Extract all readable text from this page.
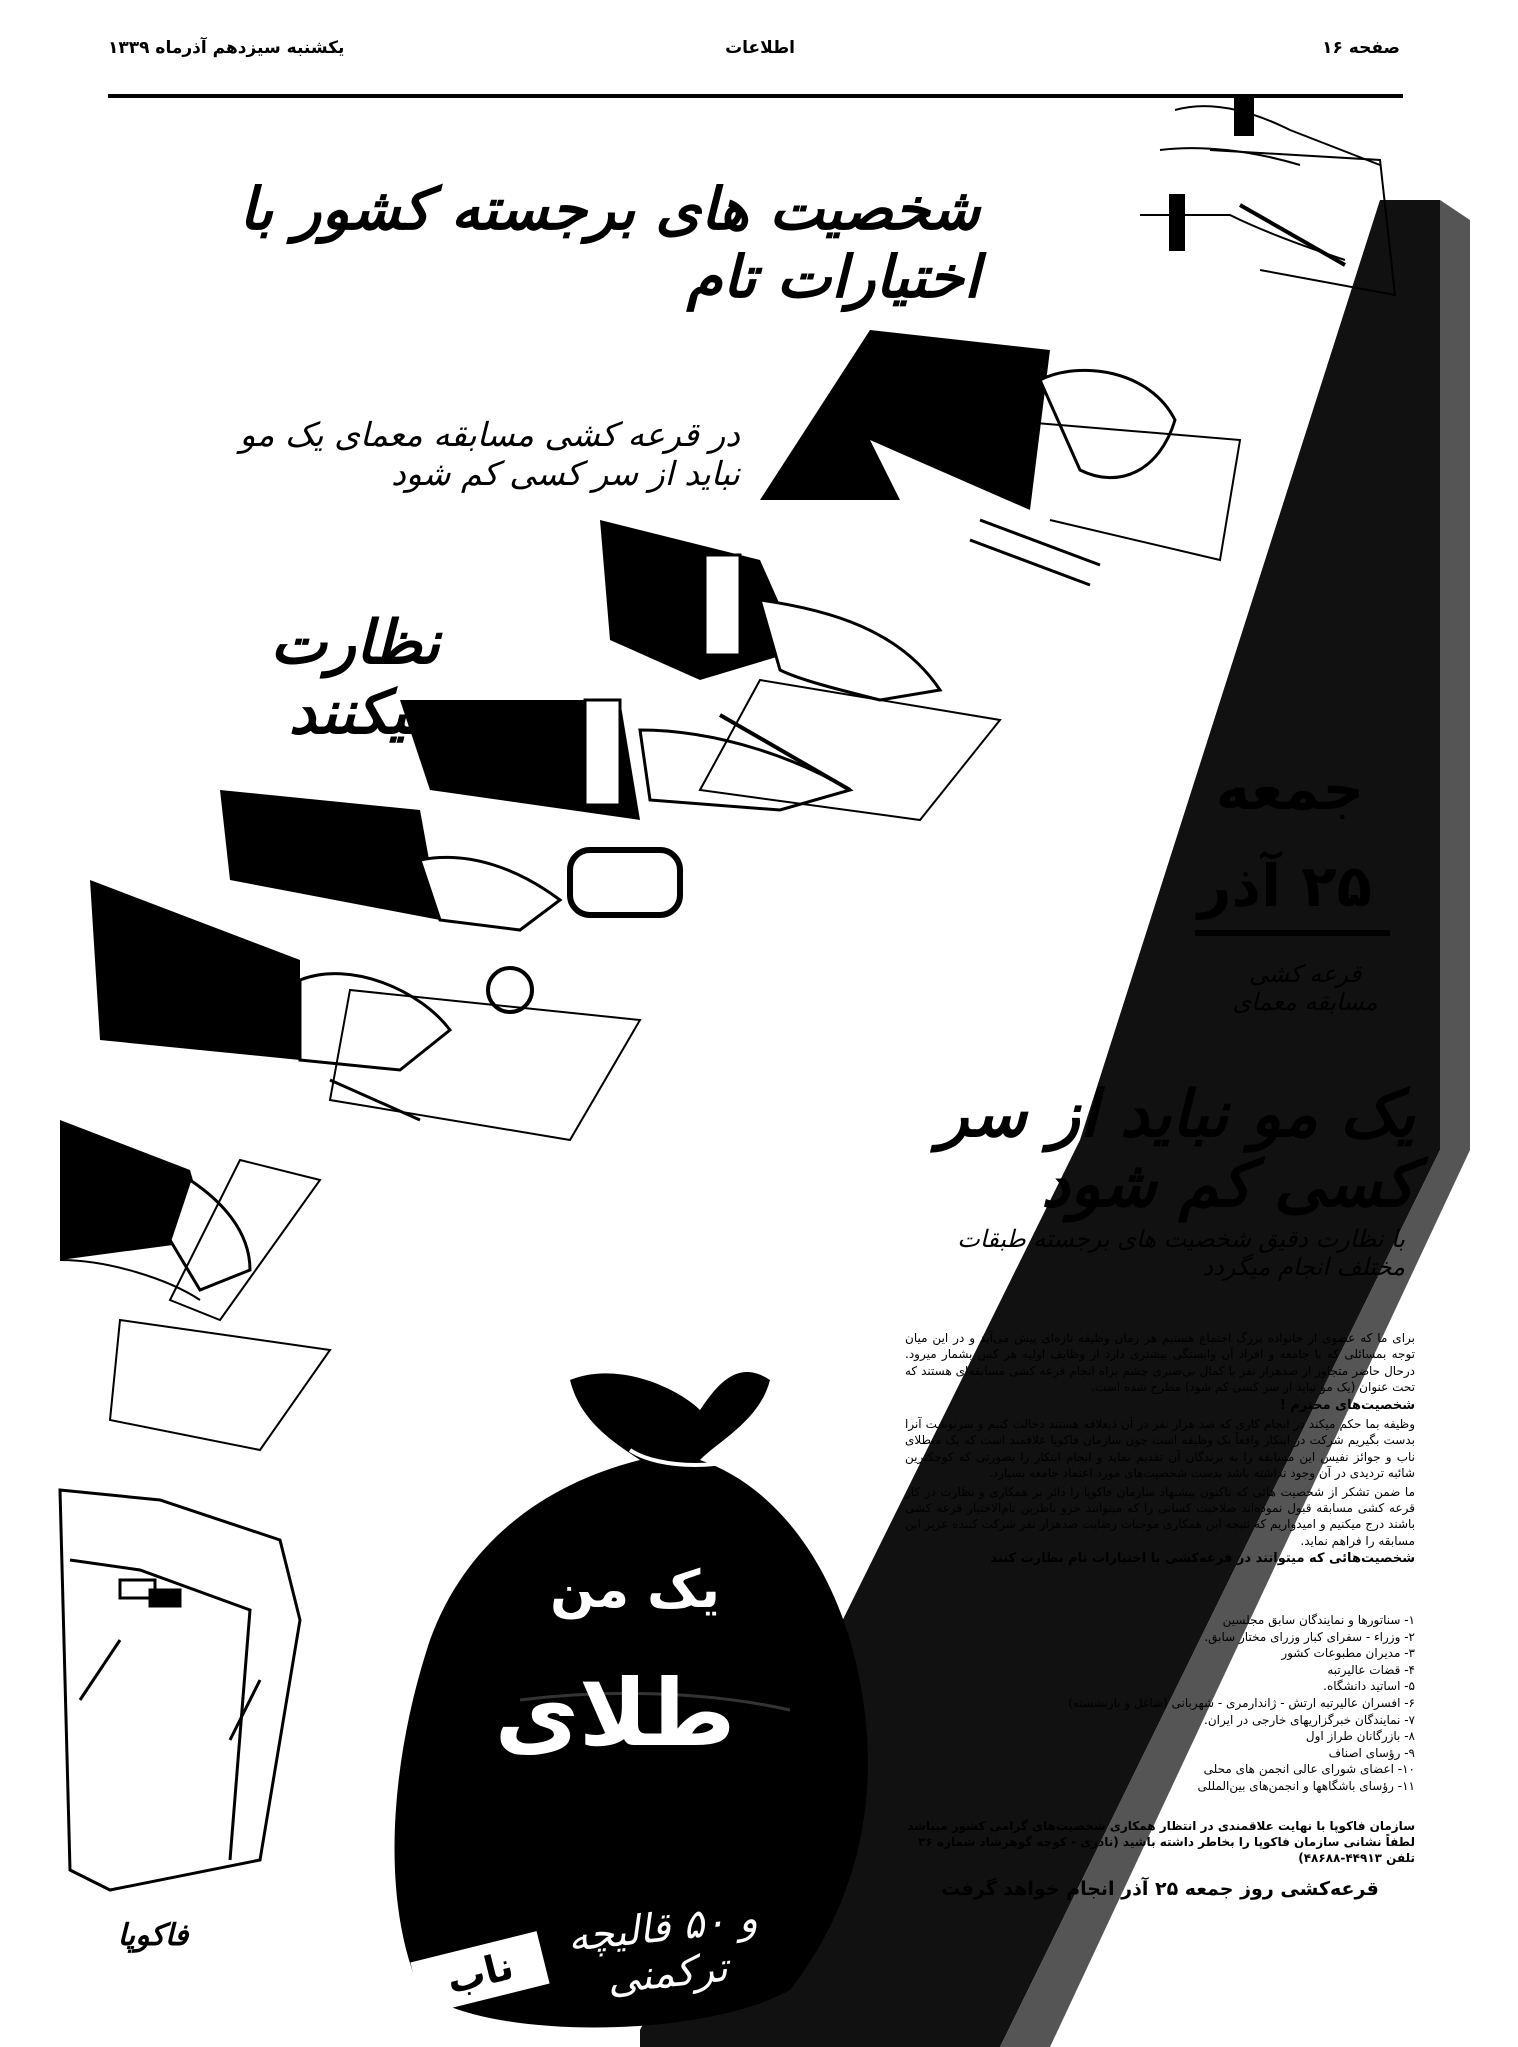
صفحه ۱۶
اطلاعات
یکشنبه سیزدهم آذرماه ۱۳۳۹
شخصیت های برجسته کشور با اختیارات تام
در قرعه کشی مسابقه معمای یک مو نباید از سر کسی کم شود
نظارت میکنند
جمعه
۲۵ آذر
قرعه کشی مسابقه معمای
یک مو نباید از سر کسی کم شود
با نظارت دقیق شخصیت های برجسته طبقات مختلف انجام میگردد

برای ما که عضوی از خانواده بزرگ اجتماع هستیم هر زمان وظیفه تازه‌ای پیش می‌آید و در این میان توجه بمسائلی که با جامعه و افراد آن وابستگی بیشتری دارد از وظایف اولیه هر کس بشمار میرود. درحال حاضر متجاوز از صدهزار نفر با کمال بی‌صبری چشم براه انجام قرعه کشی مسابقه‌ای هستند که تحت عنوان (یک مو نباید از سر کسی کم شود) مطرح شده است.

شخصیت‌های محترم !

وظیفه بما حکم میکند در انجام کاری که صد هزار نفر در آن ذیعلاقه هستند دخالت کنیم و سرنوشت آنرا بدست بگیریم شرکت در اینکار واقعاً یک وظیفه است چون سازمان فاکوپا علاقمند است که یک منطلای ناب و جوائز نفیس این مسابقه را به برندگان آن تقدیم نماید و انجام اینکار را بصورتی که کوچکترین شائبه تردیدی در آن وجود نداشته باشد بدست شخصیت‌های مورد اعتماد جامعه بسپارد.

ما ضمن تشکر از شخصیت هائی که تاکنون پیشنهاد سازمان فاکوپا را دائر بر همکاری و نظارت در کار قرعه کشی مسابقه قبول نموده‌اند صلاحیت کسانی را که میتوانند جزو ناظرین تام‌الاختیار قرعه کشی باشند درج میکنیم و امیدواریم که نتیجه این همکاری موجبات رضایت صدهزار نفر شرکت کننده عزیز این مسابقه را فراهم نماید.

شخصیت‌هائی که میتوانند در قرعه‌کشی با اختیارات تام نظارت کنند

۱- سناتورها و نمایندگان سابق مجلسین
۲- وزراء - سفرای کبار وزرای مختار سابق.
۳- مدیران مطبوعات کشور
۴- قضات عالیرتبه
۵- اساتید دانشگاه.
۶- افسران عالیرتبه ارتش - ژاندارمری - شهربانی (شاغل و بازنشسته)
۷- نمایندگان خبرگزاریهای خارجی در ایران.
۸- بازرگانان طراز اول
۹- رؤسای اصناف
۱۰- اعضای شورای عالی انجمن های محلی
۱۱- رؤسای باشگاهها و انجمن‌های بین‌المللی
سازمان فاکوپا با نهایت علاقمندی در انتظار همکاری شخصیت‌های گرامی کشور میباشد لطفاً نشانی سازمان فاکوپا را بخاطر داشته باشید (نادری - کوچه گوهرشاد شماره ۳۶ تلفن ۴۴۹۱۳-۴۸۶۸۸)
قرعه‌کشی روز جمعه ۲۵ آذر انجام خواهد گرفت
یک من
طلای
ناب
و ۵۰ قالیچه ترکمنی
فاکوپا
